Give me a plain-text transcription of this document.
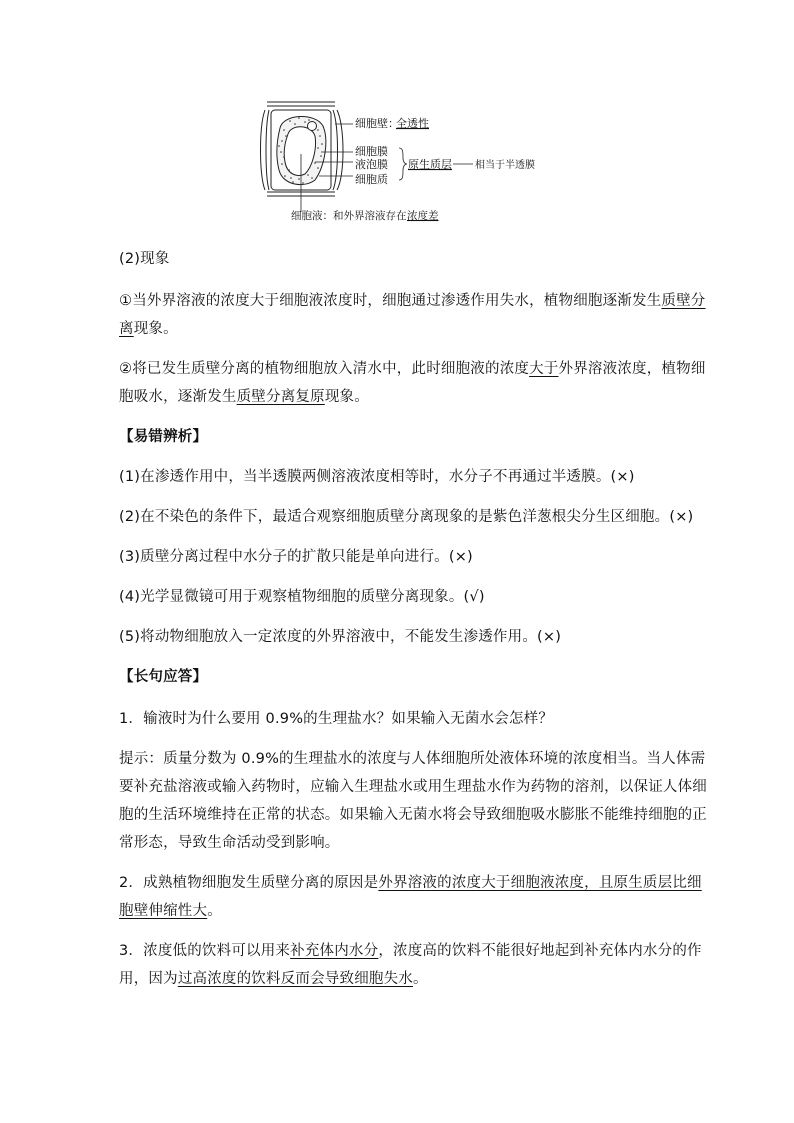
细胞壁：
全透性
细胞膜
液泡膜
细胞质
原生质层 相当于半透膜
细胞液：和外界溶液存在 浓度差
(2)现象
①当外界溶液的浓度大于细胞液浓度时，细胞通过渗透作用失水，植物细胞逐渐发生质壁分
离现象。
②将已发生质壁分离的植物细胞放入清水中，此时细胞液的浓度大于外界溶液浓度，植物细
胞吸水，逐渐发生质壁分离复原现象。
【易错辨析】
(1)在渗透作用中，当半透膜两侧溶液浓度相等时，水分子不再通过半透膜。(×)
(2)在不染色的条件下，最适合观察细胞质壁分离现象的是紫色洋葱根尖分生区细胞。(×)
(3)质壁分离过程中水分子的扩散只能是单向进行。(×)
(4)光学显微镜可用于观察植物细胞的质壁分离现象。(√)
(5)将动物细胞放入一定浓度的外界溶液中，不能发生渗透作用。(×)
【长句应答】
1．输液时为什么要用 0.9%的生理盐水？如果输入无菌水会怎样？
提示：质量分数为 0.9%的生理盐水的浓度与人体细胞所处液体环境的浓度相当。当人体需
要补充盐溶液或输入药物时，应输入生理盐水或用生理盐水作为药物的溶剂，以保证人体细
胞的生活环境维持在正常的状态。如果输入无菌水将会导致细胞吸水膨胀不能维持细胞的正
常形态，导致生命活动受到影响。
2．成熟植物细胞发生质壁分离的原因是外界溶液的浓度大于细胞液浓度，且原生质层比细
胞壁伸缩性大。
3．浓度低的饮料可以用来补充体内水分，浓度高的饮料不能很好地起到补充体内水分的作
用，因为过高浓度的饮料反而会导致细胞失水。
